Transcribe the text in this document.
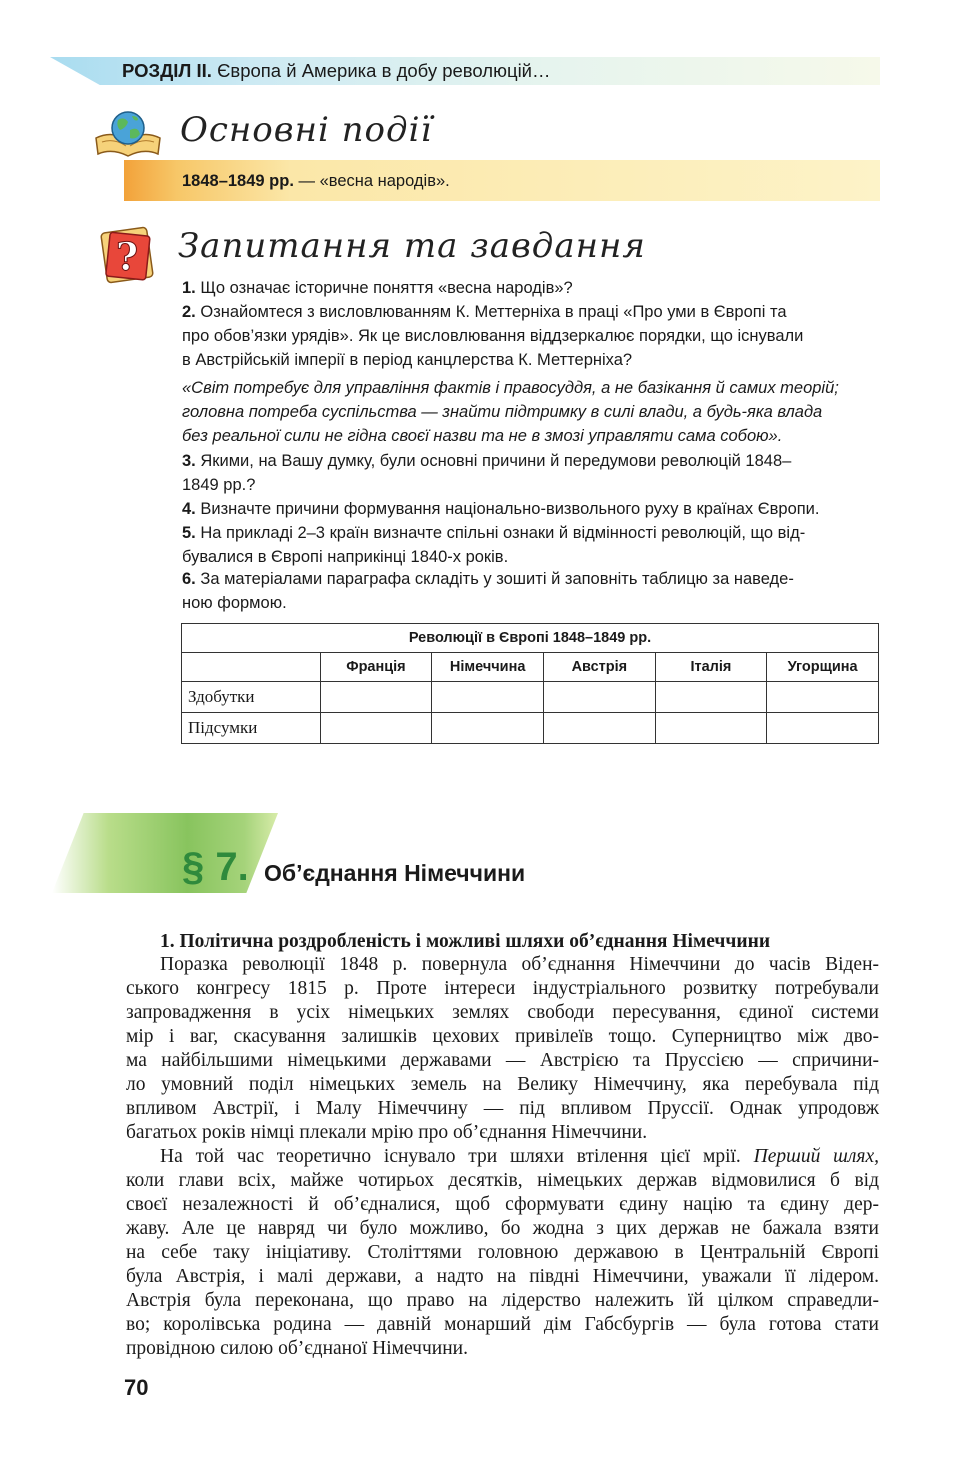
РОЗДІЛ II. Європа й Америка в добу революцій…
Основні події
1848–1849 рр. — «весна народів».
? Запитання та завдання
1. Що означає історичне поняття «весна народів»?
2. Ознайомтеся з висловлюванням К. Меттерніха в праці «Про уми в Європі та
про обов’язки урядів». Як це висловлювання віддзеркалює порядки, що існували
в Австрійській імперії в період канцлерства К. Меттерніха?
«Світ потребує для управління фактів і правосуддя, а не базікання й самих теорій;
головна потреба суспільства — знайти підтримку в силі влади, а будь-яка влада
без реальної сили не гідна своєї назви та не в змозі управляти сама собою».
3. Якими, на Вашу думку, були основні причини й передумови революцій 1848–
1849 рр.?
4. Визначте причини формування національно-визвольного руху в країнах Європи.
5. На прикладі 2–3 країн визначте спільні ознаки й відмінності революцій, що від-
бувалися в Європі наприкінці 1840-х років.
6. За матеріалами параграфа складіть у зошиті й заповніть таблицю за наведе-
ною формою.
Революції в Європі 1848–1849 рр.					
	Франція	Німеччина	Австрія	Італія	Угорщина
Здобутки					
Підсумки					
§ 7. Об’єднання Німеччини
1. Політична роздробленість і можливі шляхи об’єднання Німеччини
Поразка революції 1848 р. повернула об’єднання Німеччини до часів Віден-
ського конгресу 1815 р. Проте інтереси індустріального розвитку потребували
запровадження в усіх німецьких землях свободи пересування, єдиної системи
мір і ваг, скасування залишків цехових привілеїв тощо. Суперництво між дво-
ма найбільшими німецькими державами — Австрією та Пруссією — спричини-
ло умовний поділ німецьких земель на Велику Німеччину, яка перебувала під
впливом Австрії, і Малу Німеччину — під впливом Пруссії. Однак упродовж
багатьох років німці плекали мрію про об’єднання Німеччини.
На той час теоретично існувало три шляхи втілення цієї мрії. Перший шлях,
коли глави всіх, майже чотирьох десятків, німецьких держав відмовилися б від
своєї незалежності й об’єдналися, щоб сформувати єдину націю та єдину дер-
жаву. Але це навряд чи було можливо, бо жодна з цих держав не бажала взяти
на себе таку ініціативу. Століттями головною державою в Центральній Європі
була Австрія, і малі держави, а надто на півдні Німеччини, уважали її лідером.
Австрія була переконана, що право на лідерство належить їй цілком справедли-
во; королівська родина — давній монарший дім Габсбургів — була готова стати
провідною силою об’єднаної Німеччини.
70
